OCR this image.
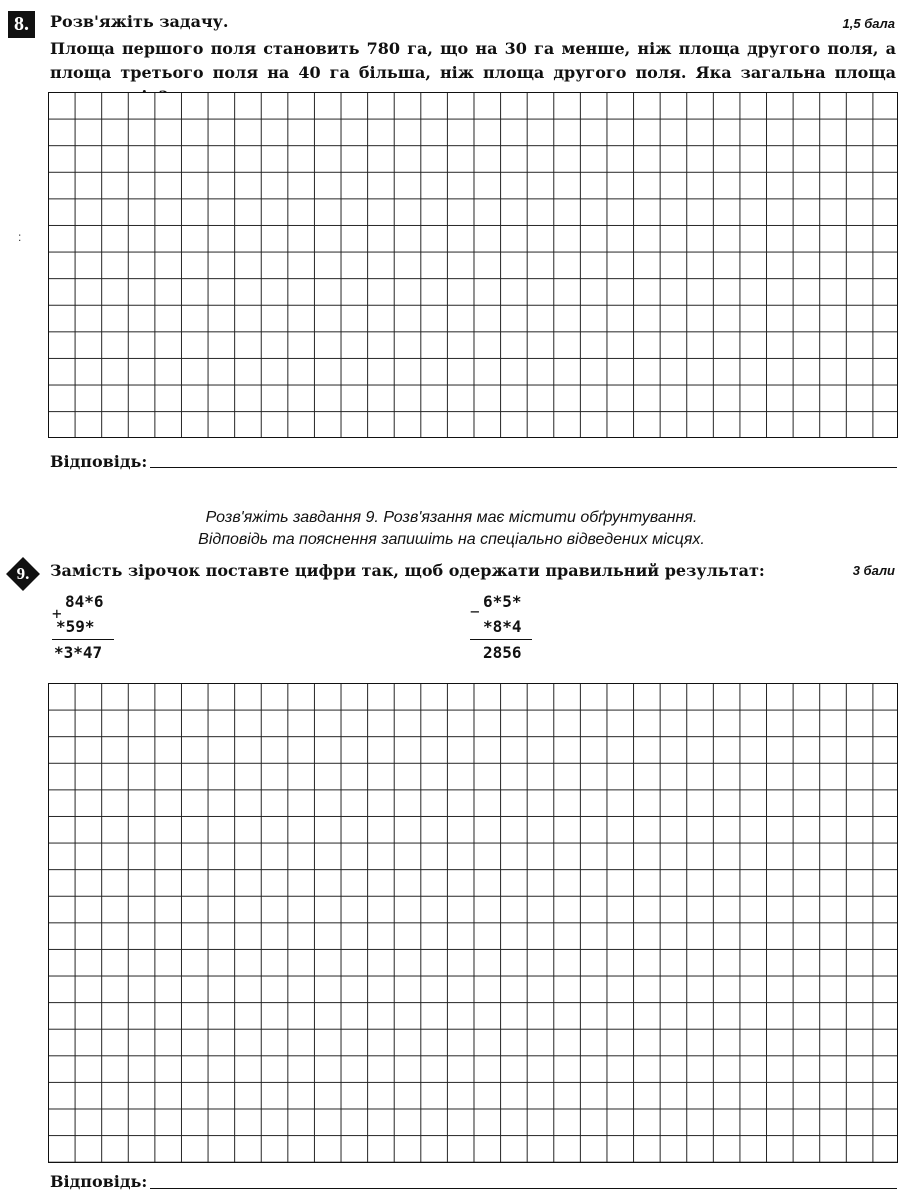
8.	Розв'яжіть задачу.	1,5 бала
Площа першого поля становить 780 га, що на 30 га менше, ніж площа другого поля, а площа третього поля на 40 га більша, ніж площа другого поля. Яка загальна площа
:
Відповідь:
Розв'яжіть завдання 9. Розв'язання має містити обґрунтування.
Відповідь та пояснення запишіть на спеціально відведених місцях.
9.	Замість зірочок поставте цифри так, щоб одержати правильний результат:	3 бали
84*6
+
*59*
*3*47
6*5*
−
*8*4
2856
Відповідь:
